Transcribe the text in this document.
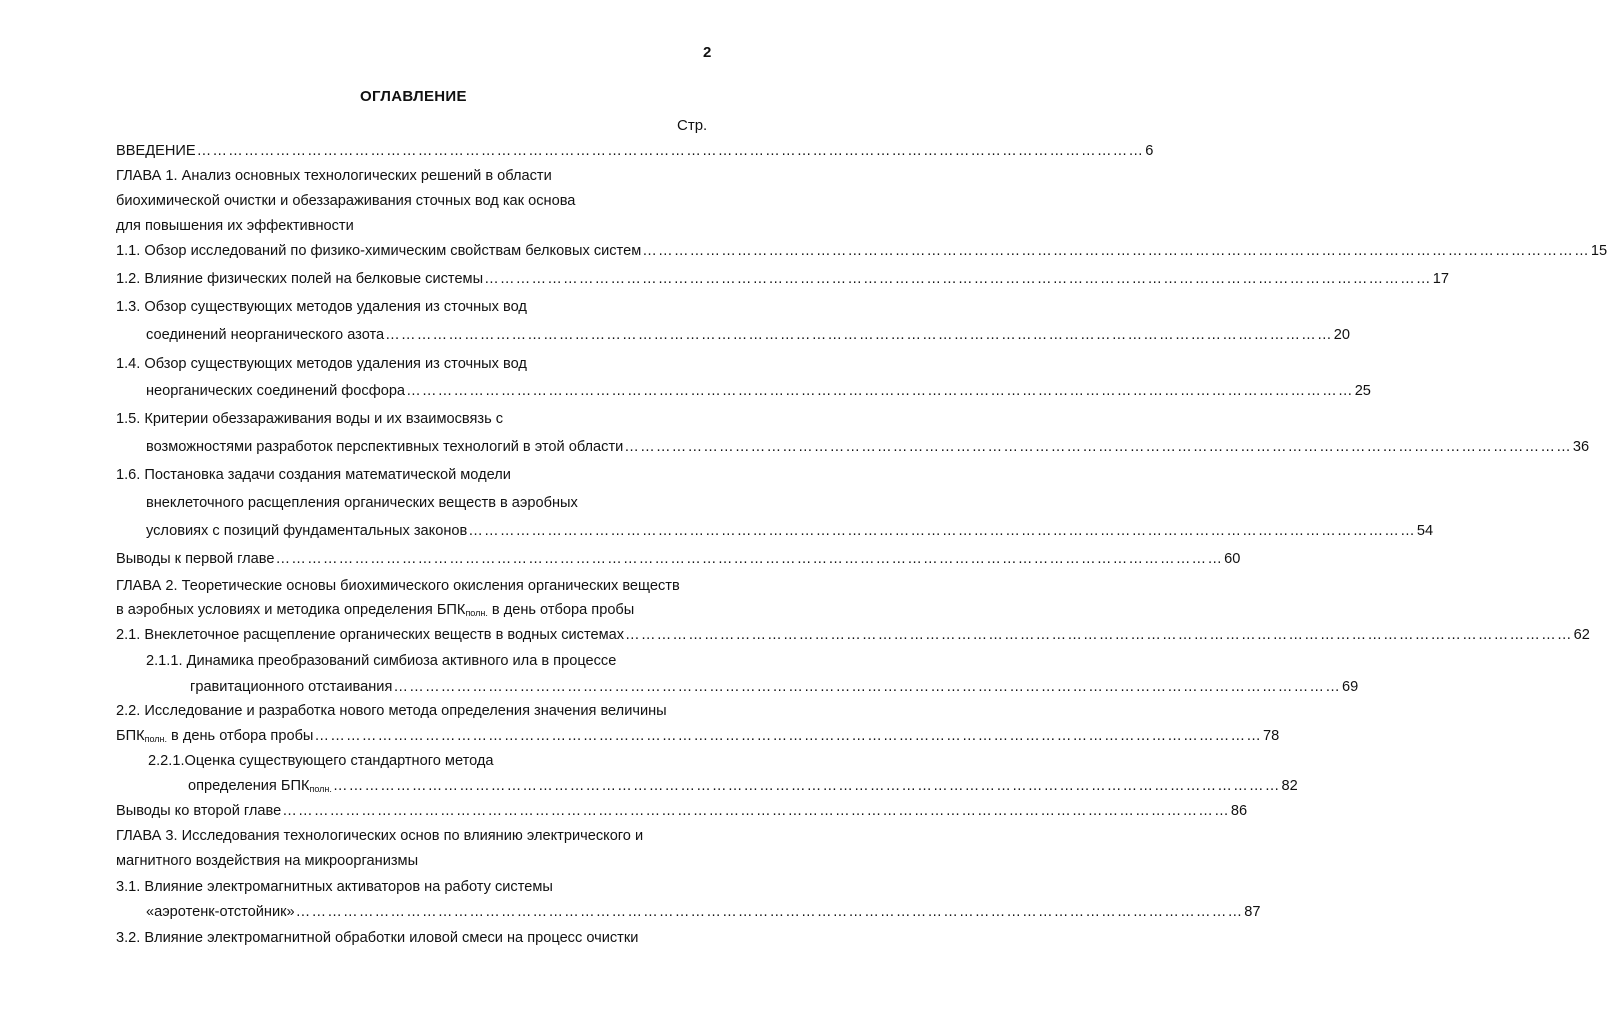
2
ОГЛАВЛЕНИЕ
Стр.
ВВЕДЕНИЕ ……………………………………………………………………………………………………………………………………………………………… 6
ГЛАВА 1. Анализ основных технологических решений в области
биохимической очистки и обеззараживания сточных вод как основа
для повышения их эффективности
1.1. Обзор исследований по физико-химическим свойствам белковых систем ……………………………………………………………………………………………………………………………………………………………… 15
1.2. Влияние физических полей на белковые системы ……………………………………………………………………………………………………………………………………………………………… 17
1.3. Обзор существующих методов удаления из сточных вод
соединений неорганического азота ……………………………………………………………………………………………………………………………………………………………… 20
1.4. Обзор существующих методов удаления из сточных вод
неорганических соединений фосфора ……………………………………………………………………………………………………………………………………………………………… 25
1.5. Критерии обеззараживания воды и их взаимосвязь с
возможностями разработок перспективных технологий в этой области ……………………………………………………………………………………………………………………………………………………………… 36
1.6. Постановка задачи создания математической модели
внеклеточного расщепления органических веществ в аэробных
условиях с позиций фундаментальных законов ……………………………………………………………………………………………………………………………………………………………… 54
Выводы к первой главе ……………………………………………………………………………………………………………………………………………………………… 60
ГЛАВА 2. Теоретические основы биохимического окисления органических веществ
в аэробных условиях и методика определения $БПК_{полн.}$ в день отбора пробы
2.1. Внеклеточное расщепление органических веществ в водных системах ……………………………………………………………………………………………………………………………………………………………… 62
2.1.1. Динамика преобразований симбиоза активного ила в процессе
гравитационного отстаивания ……………………………………………………………………………………………………………………………………………………………… 69
2.2. Исследование и разработка нового метода определения значения величины
$БПК_{полн.}$ в день отбора пробы ……………………………………………………………………………………………………………………………………………………………… 78
2.2.1.Оценка существующего стандартного метода
определения $БПК_{полн.}$ ……………………………………………………………………………………………………………………………………………………………… 82
Выводы ко второй главе ……………………………………………………………………………………………………………………………………………………………… 86
ГЛАВА 3. Исследования технологических основ по влиянию электрического и
магнитного воздействия на микроорганизмы
3.1. Влияние электромагнитных активаторов на работу системы
«аэротенк-отстойник» ……………………………………………………………………………………………………………………………………………………………… 87
3.2. Влияние электромагнитной обработки иловой смеси на процесс очистки
